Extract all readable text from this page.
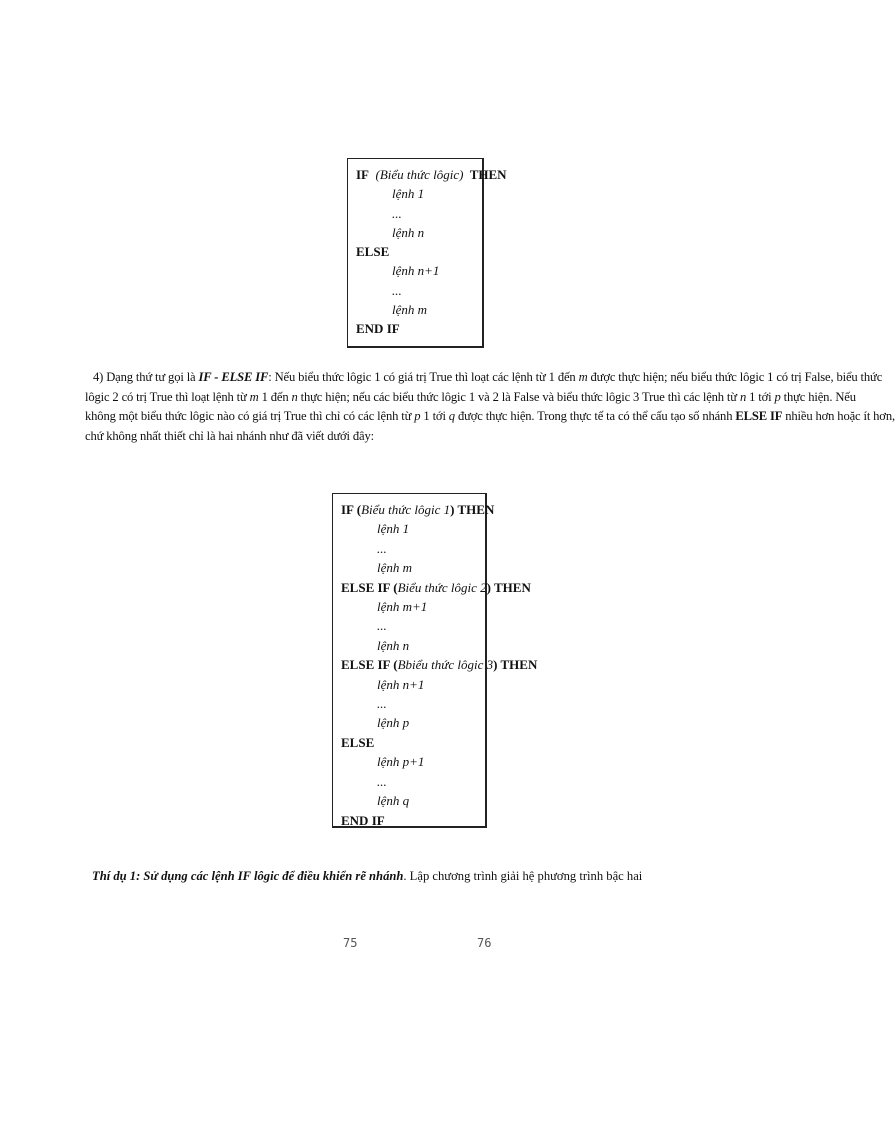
IF (Biểu thức lôgic) THEN
lệnh 1
...
lệnh n
ELSE
lệnh n+1
...
lệnh m
END IF
4) Dạng thứ tư gọi là IF - ELSE IF: Nếu biểu thức lôgic 1 có giá trị True thì loạt các lệnh từ 1 đến m được thực hiện; nếu biểu thức lôgic 1 có trị False, biểu thức
lôgic 2 có trị True thì loạt lệnh từ m 1 đến n thực hiện; nếu các biểu thức lôgic 1 và 2 là False và biểu thức lôgic 3 True thì các lệnh từ n 1 tới p thực hiện. Nếu
không một biểu thức lôgic nào có giá trị True thì chỉ có các lệnh từ p 1 tới q được thực hiện. Trong thực tế ta có thể cấu tạo số nhánh ELSE IF nhiều hơn hoặc ít hơn,
chứ không nhất thiết chỉ là hai nhánh như đã viết dưới đây:
IF (Biểu thức lôgic 1) THEN
lệnh 1
...
lệnh m
ELSE IF (Biểu thức lôgic 2) THEN
lệnh m+1
...
lệnh n
ELSE IF (Bbiểu thức lôgic 3) THEN
lệnh n+1
...
lệnh p
ELSE
lệnh p+1
...
lệnh q
END IF
Thí dụ 1: Sử dụng các lệnh IF lôgic để điều khiển rẽ nhánh. Lập chương trình giải hệ phương trình bậc hai
75	76
